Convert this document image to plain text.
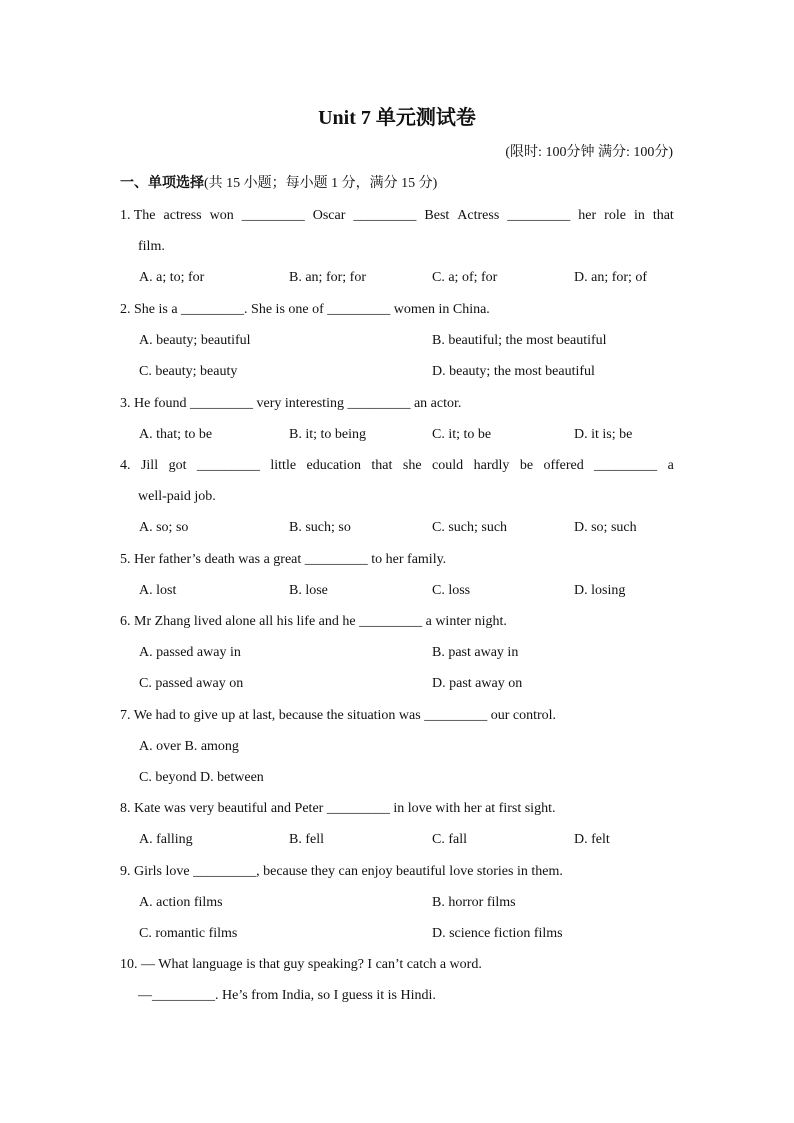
Unit 7 单元测试卷
(限时: 100分钟 满分: 100分)
一、单项选择(共 15 小题；每小题 1 分，满分 15 分)
1. The actress won _________ Oscar _________ Best Actress _________ her role in that
film.
A. a; to; for	B. an; for; for	C. a; of; for	D. an; for; of
2. She is a _________. She is one of _________ women in China.
A. beauty; beautiful	B. beautiful; the most beautiful
C. beauty; beauty	D. beauty; the most beautiful
3. He found _________ very interesting _________ an actor.
A. that; to be	B. it; to being	C. it; to be	D. it is; be
4. Jill got _________ little education that she could hardly be offered _________ a
well-paid job.
A. so; so	B. such; so	C. such; such	D. so; such
5. Her father’s death was a great _________ to her family.
A. lost	B. lose	C. loss	D. losing
6. Mr Zhang lived alone all his life and he _________ a winter night.
A. passed away in	B. past away in
C. passed away on	D. past away on
7. We had to give up at last, because the situation was _________ our control.
A. over B. among
C. beyond D. between
8. Kate was very beautiful and Peter _________ in love with her at first sight.
A. falling	B. fell	C. fall	D. felt
9. Girls love _________, because they can enjoy beautiful love stories in them.
A. action films	B. horror films
C. romantic films	D. science fiction films
10. — What language is that guy speaking? I can’t catch a word.
—_________. He’s from India, so I guess it is Hindi.
